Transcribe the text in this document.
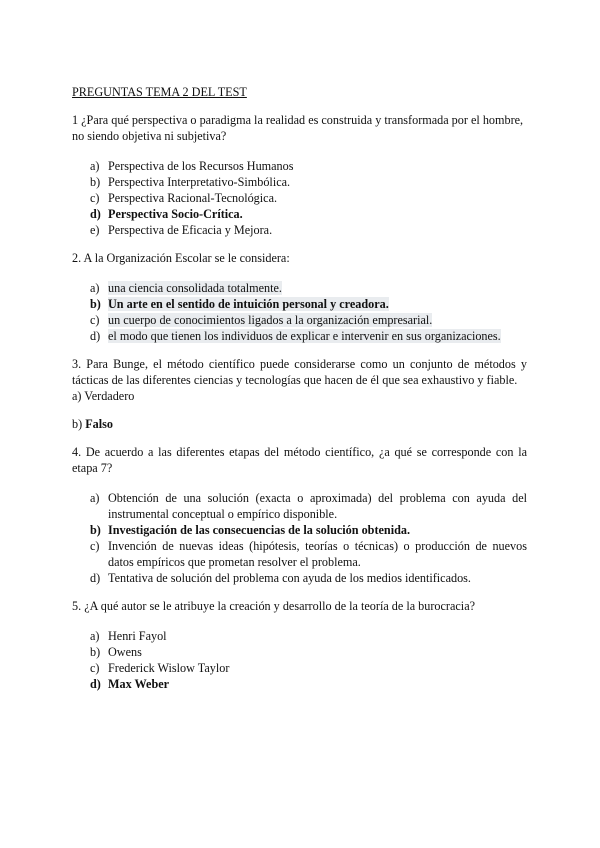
PREGUNTAS TEMA 2 DEL TEST

1 ¿Para qué perspectiva o paradigma la realidad es construida y transformada por el hombre, no siendo objetiva ni subjetiva?

a) Perspectiva de los Recursos Humanos
b) Perspectiva Interpretativo-Simbólica.
c) Perspectiva Racional-Tecnológica.
d) Perspectiva Socio-Crítica.
e) Perspectiva de Eficacia y Mejora.

2. A la Organización Escolar se le considera:

a) una ciencia consolidada totalmente.
b) Un arte en el sentido de intuición personal y creadora.
c) un cuerpo de conocimientos ligados a la organización empresarial.
d) el modo que tienen los individuos de explicar e intervenir en sus organizaciones.

3. Para Bunge, el método científico puede considerarse como un conjunto de métodos y tácticas de las diferentes ciencias y tecnologías que hacen de él que sea exhaustivo y fiable.

a) Verdadero

b) Falso

4. De acuerdo a las diferentes etapas del método científico, ¿a qué se corresponde con la etapa 7?

a) Obtención de una solución (exacta o aproximada) del problema con ayuda del instrumental conceptual o empírico disponible.
b) Investigación de las consecuencias de la solución obtenida.
c) Invención de nuevas ideas (hipótesis, teorías o técnicas) o producción de nuevos datos empíricos que prometan resolver el problema.
d) Tentativa de solución del problema con ayuda de los medios identificados.

5. ¿A qué autor se le atribuye la creación y desarrollo de la teoría de la burocracia?

a) Henri Fayol
b) Owens
c) Frederick Wislow Taylor
d) Max Weber
